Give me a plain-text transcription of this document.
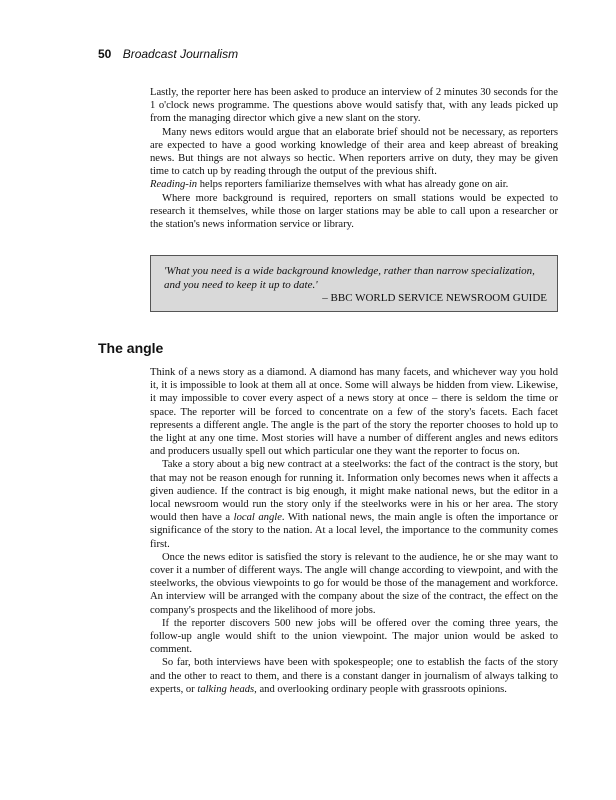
50 Broadcast Journalism

Lastly, the reporter here has been asked to produce an interview of 2 minutes 30 seconds for the 1 o'clock news programme. The questions above would satisfy that, with any leads picked up from the managing director which give a new slant on the story.

Many news editors would argue that an elaborate brief should not be necessary, as reporters are expected to have a good working knowledge of their area and keep abreast of breaking news. But things are not always so hectic. When reporters arrive on duty, they may be given time to catch up by reading through the output of the previous shift.
Reading-in helps reporters familiarize themselves with what has already gone on air.

Where more background is required, reporters on small stations would be expected to research it themselves, while those on larger stations may be able to call upon a researcher or the station's news information service or library.

'What you need is a wide background knowledge, rather than narrow specialization, and you need to keep it up to date.'
– BBC WORLD SERVICE NEWSROOM GUIDE
The angle

Think of a news story as a diamond. A diamond has many facets, and whichever way you hold it, it is impossible to look at them all at once. Some will always be hidden from view. Likewise, it may impossible to cover every aspect of a news story at once – there is seldom the time or space. The reporter will be forced to concentrate on a few of the story's facets. Each facet represents a different angle. The angle is the part of the story the reporter chooses to hold up to the light at any one time. Most stories will have a number of different angles and news editors and producers usually spell out which particular one they want the reporter to focus on.

Take a story about a big new contract at a steelworks: the fact of the contract is the story, but that may not be reason enough for running it. Information only becomes news when it affects a given audience. If the contract is big enough, it might make national news, but the editor in a local newsroom would run the story only if the steelworks were in his or her area. The story would then have a local angle. With national news, the main angle is often the importance or significance of the story to the nation. At a local level, the importance to the community comes first.

Once the news editor is satisfied the story is relevant to the audience, he or she may want to cover it a number of different ways. The angle will change according to viewpoint, and with the steelworks, the obvious viewpoints to go for would be those of the management and workforce. An interview will be arranged with the company about the size of the contract, the effect on the company's prospects and the likelihood of more jobs.

If the reporter discovers 500 new jobs will be offered over the coming three years, the follow-up angle would shift to the union viewpoint. The major union would be asked to comment.

So far, both interviews have been with spokespeople; one to establish the facts of the story and the other to react to them, and there is a constant danger in journalism of always talking to experts, or talking heads, and overlooking ordinary people with grassroots opinions.
